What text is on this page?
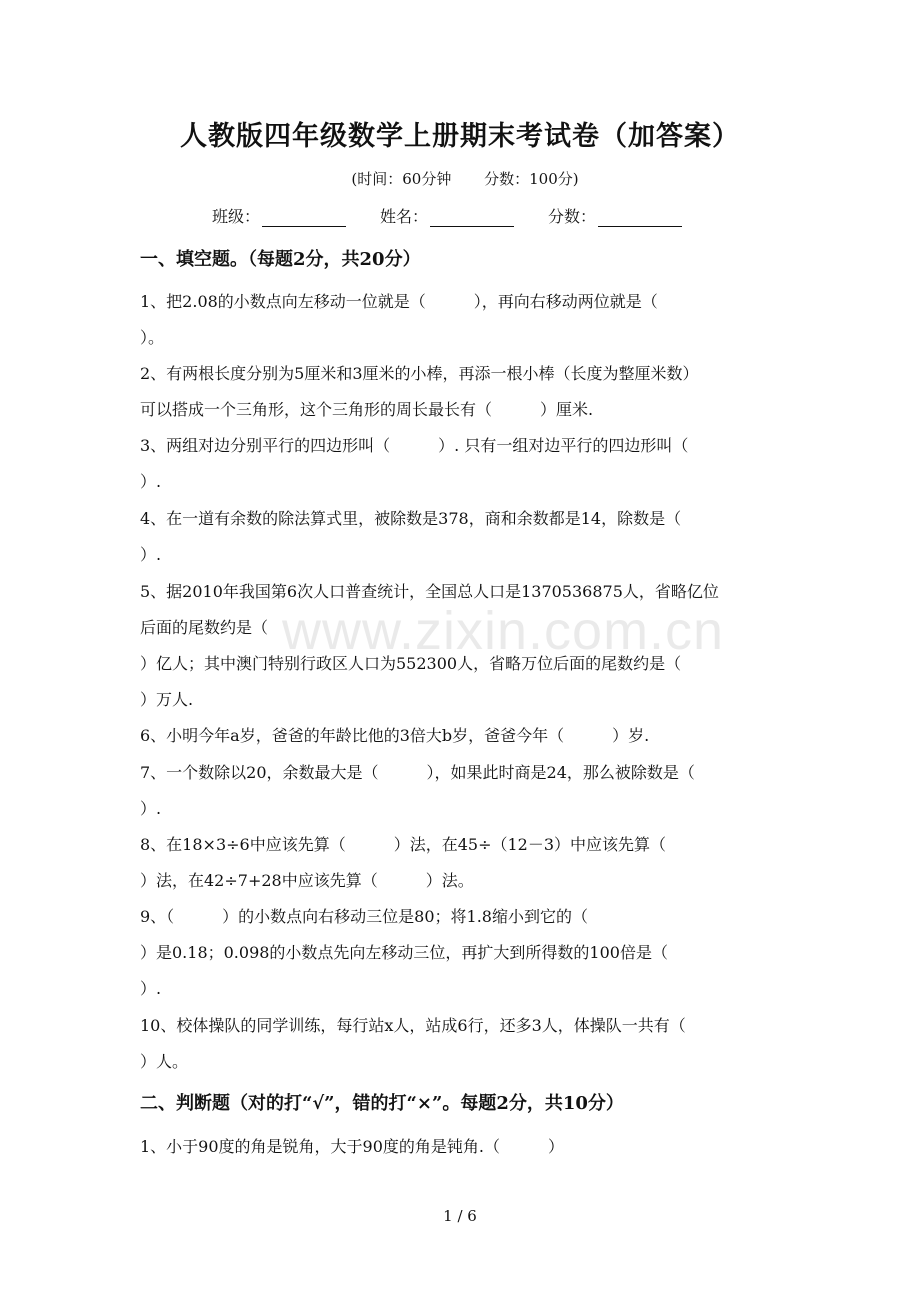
www.zixin.com.cn
人教版四年级数学上册期末考试卷（加答案）
(时间：60分钟 分数：100分)
班级：	姓名：	分数：
一、填空题。（每题2分，共20分）
1、把2.08的小数点向左移动一位就是（　　　），再向右移动两位就是（
）。
2、有两根长度分别为5厘米和3厘米的小棒，再添一根小棒（长度为整厘米数）
可以搭成一个三角形，这个三角形的周长最长有（　　　）厘米.
3、两组对边分别平行的四边形叫（　　　）. 只有一组对边平行的四边形叫（
）.
4、在一道有余数的除法算式里，被除数是378，商和余数都是14，除数是（
）.
5、据2010年我国第6次人口普查统计，全国总人口是1370536875人，省略亿位
后面的尾数约是（
）亿人；其中澳门特别行政区人口为552300人，省略万位后面的尾数约是（
）万人.
6、小明今年a岁，爸爸的年龄比他的3倍大b岁，爸爸今年（　　　）岁.
7、一个数除以20，余数最大是（　　　），如果此时商是24，那么被除数是（
）.
8、在18×3÷6中应该先算（　　　）法，在45÷（12－3）中应该先算（
）法，在42÷7+28中应该先算（　　　）法。
9、（　　　）的小数点向右移动三位是80；将1.8缩小到它的（
）是0.18；0.098的小数点先向左移动三位，再扩大到所得数的100倍是（
）.
10、校体操队的同学训练，每行站x人，站成6行，还多3人，体操队一共有（
）人。
二、判断题（对的打“√”，错的打“×”。每题2分，共10分）
1、小于90度的角是锐角，大于90度的角是钝角.（　　　）
1 / 6
